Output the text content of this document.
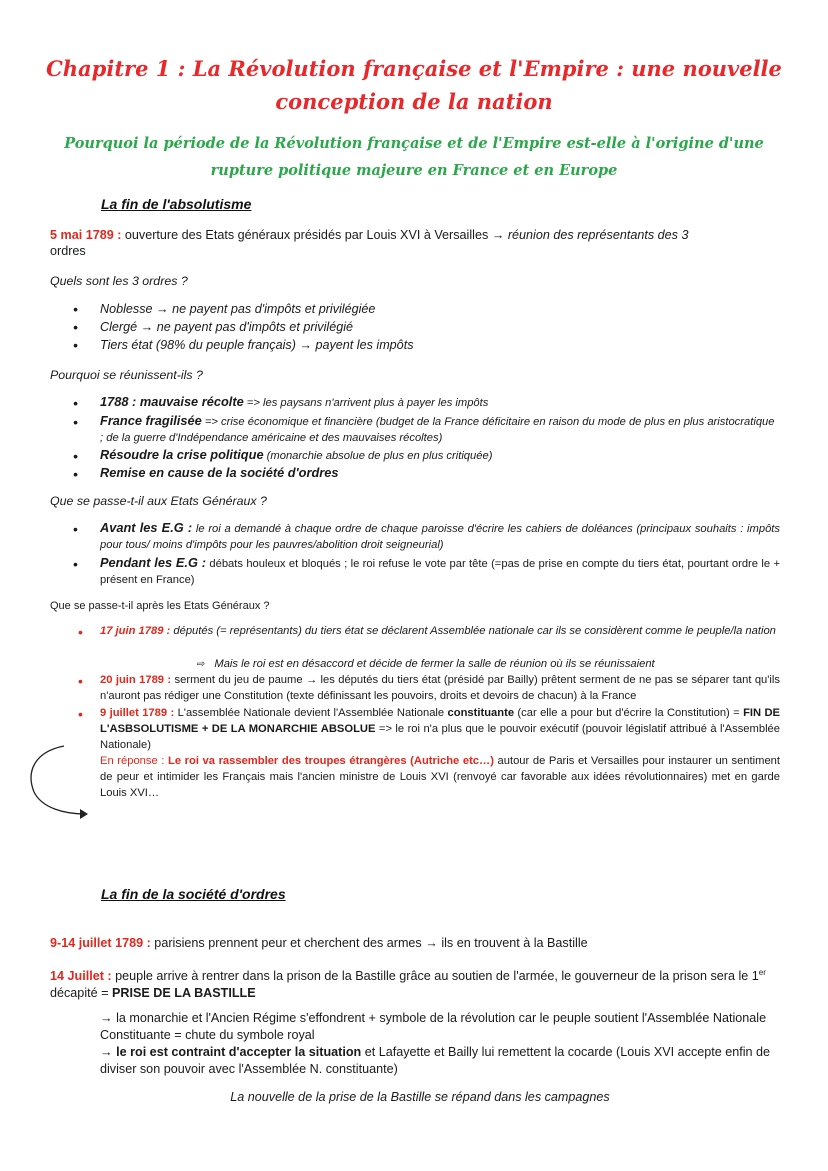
Chapitre 1 : La Révolution française et l'Empire : une nouvelle conception de la nation
Pourquoi la période de la Révolution française et de l'Empire est-elle à l'origine d'une rupture politique majeure en France et en Europe
La fin de l'absolutisme
5 mai 1789 : ouverture des Etats généraux présidés par Louis XVI à Versailles → réunion des représentants des 3
ordres
Quels sont les 3 ordres ?
• Noblesse → ne payent pas d'impôts et privilégiée
• Clergé → ne payent pas d'impôts et privilégié
• Tiers état (98% du peuple français) → payent les impôts
Pourquoi se réunissent-ils ?
• 1788 : mauvaise récolte => les paysans n'arrivent plus à payer les impôts
• France fragilisée => crise économique et financière (budget de la France déficitaire en raison du mode de plus en plus aristocratique ; de la guerre d'Indépendance américaine et des mauvaises récoltes)
• Résoudre la crise politique (monarchie absolue de plus en plus critiquée)
• Remise en cause de la société d'ordres
Que se passe-t-il aux Etats Généraux ?
• Avant les E.G : le roi a demandé à chaque ordre de chaque paroisse d'écrire les cahiers de doléances (principaux souhaits : impôts pour tous/ moins d'impôts pour les pauvres/abolition droit seigneurial)
• Pendant les E.G : débats houleux et bloqués ; le roi refuse le vote par tête (=pas de prise en compte du tiers état, pourtant ordre le + présent en France)
Que se passe-t-il après les Etats Généraux ?
• 17 juin 1789 : députés (= représentants) du tiers état se déclarent Assemblée nationale car ils se considèrent comme le peuple/la nation
⇨ Mais le roi est en désaccord et décide de fermer la salle de réunion où ils se réunissaient
• 20 juin 1789 : serment du jeu de paume → les députés du tiers état (présidé par Bailly) prêtent serment de ne pas se séparer tant qu'ils n'auront pas rédiger une Constitution (texte définissant les pouvoirs, droits et devoirs de chacun) à la France
• 9 juillet 1789 : L'assemblée Nationale devient l'Assemblée Nationale constituante (car elle a pour but d'écrire la Constitution) = FIN DE L'ASBSOLUTISME + DE LA MONARCHIE ABSOLUE => le roi n'a plus que le pouvoir exécutif (pouvoir législatif attribué à l'Assemblée Nationale)
En réponse : Le roi va rassembler des troupes étrangères (Autriche etc…) autour de Paris et Versailles pour instaurer un sentiment de peur et intimider les Français mais l'ancien ministre de Louis XVI (renvoyé car favorable aux idées révolutionnaires) met en garde Louis XVI…
La fin de la société d'ordres
9-14 juillet 1789 : parisiens prennent peur et cherchent des armes → ils en trouvent à la Bastille
14 Juillet : peuple arrive à rentrer dans la prison de la Bastille grâce au soutien de l'armée, le gouverneur de la prison sera le 1er décapité = PRISE DE LA BASTILLE
→ la monarchie et l'Ancien Régime s'effondrent + symbole de la révolution car le peuple soutient l'Assemblée Nationale Constituante = chute du symbole royal
→ le roi est contraint d'accepter la situation et Lafayette et Bailly lui remettent la cocarde (Louis XVI accepte enfin de diviser son pouvoir avec l'Assemblée N. constituante)
La nouvelle de la prise de la Bastille se répand dans les campagnes
